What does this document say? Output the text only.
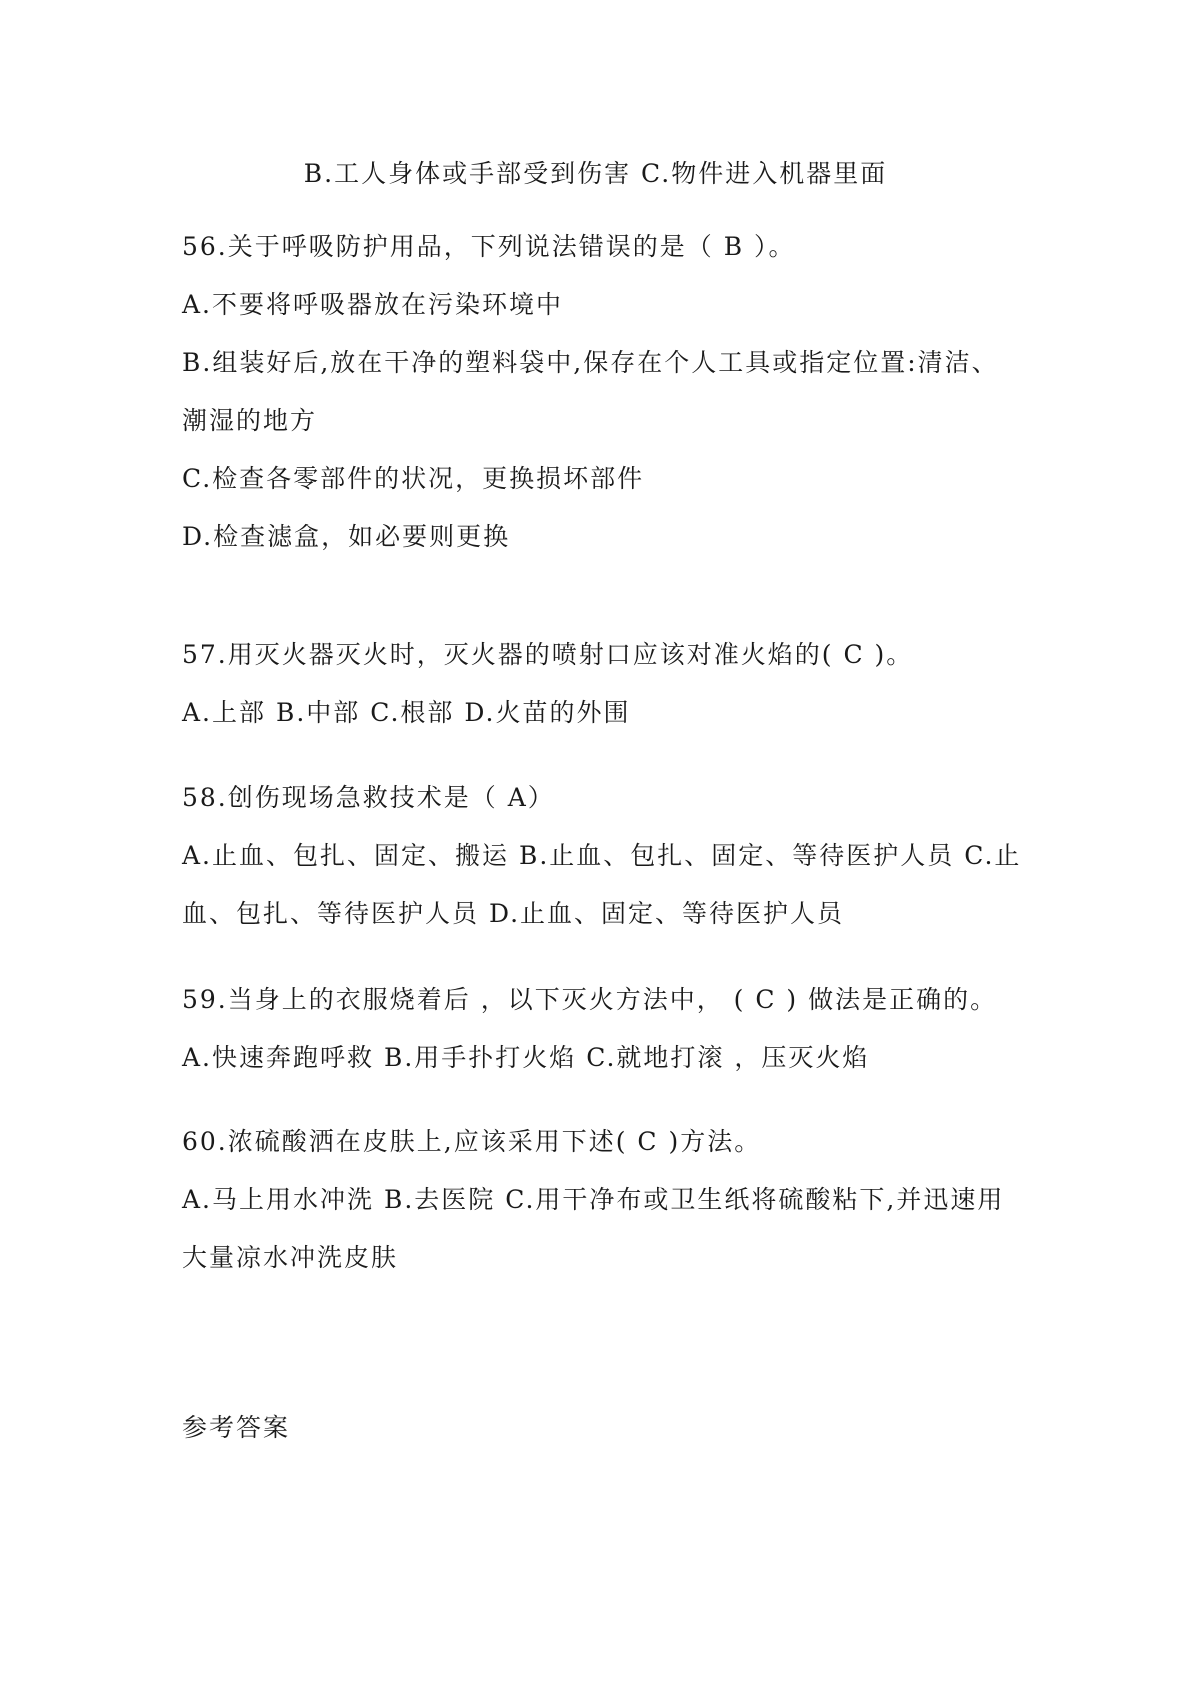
B.工人身体或手部受到伤害 C.物件进入机器里面
56.关于呼吸防护用品，下列说法错误的是（ B ）。
A.不要将呼吸器放在污染环境中
B.组装好后,放在干净的塑料袋中,保存在个人工具或指定位置:清洁、
潮湿的地方
C.检查各零部件的状况，更换损坏部件
D.检查滤盒，如必要则更换
57.用灭火器灭火时，灭火器的喷射口应该对准火焰的( C )。
A.上部 B.中部 C.根部 D.火苗的外围
58.创伤现场急救技术是（ A）
A.止血、包扎、固定、搬运 B.止血、包扎、固定、等待医护人员 C.止
血、包扎、等待医护人员 D.止血、固定、等待医护人员
59.当身上的衣服烧着后 ，以下灭火方法中， ( C ) 做法是正确的。
A.快速奔跑呼救 B.用手扑打火焰 C.就地打滚 ，压灭火焰
60.浓硫酸洒在皮肤上,应该采用下述( C )方法。
A.马上用水冲洗 B.去医院 C.用干净布或卫生纸将硫酸粘下,并迅速用
大量凉水冲洗皮肤
参考答案
